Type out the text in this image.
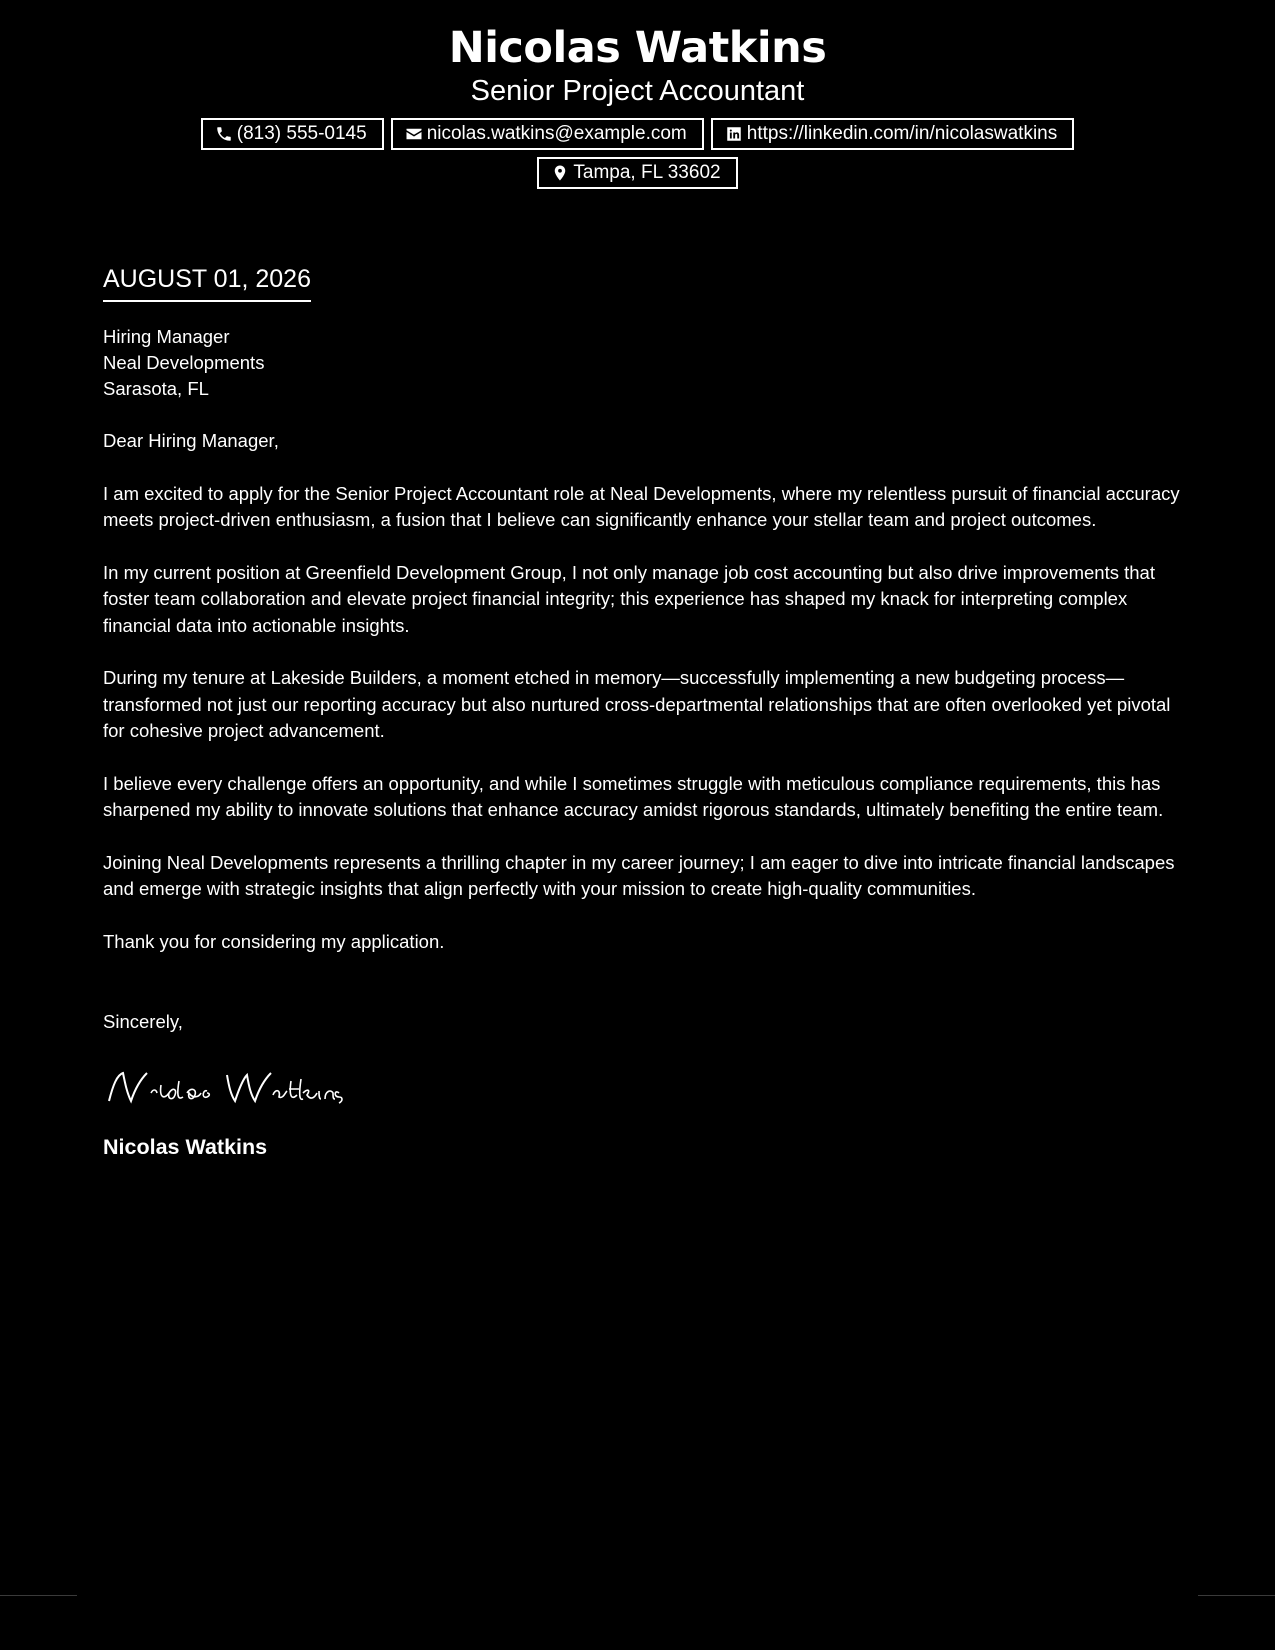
Nicolas Watkins
Senior Project Accountant
(813) 555-0145	nicolas.watkins@example.com	https://linkedin.com/in/nicolaswatkins
Tampa, FL 33602
AUGUST 01, 2026
Hiring Manager
Neal Developments
Sarasota, FL

Dear Hiring Manager,

I am excited to apply for the Senior Project Accountant role at Neal Developments, where my relentless pursuit of financial accuracy meets project-driven enthusiasm, a fusion that I believe can significantly enhance your stellar team and project outcomes.

In my current position at Greenfield Development Group, I not only manage job cost accounting but also drive improvements that foster team collaboration and elevate project financial integrity; this experience has shaped my knack for interpreting complex financial data into actionable insights.

During my tenure at Lakeside Builders, a moment etched in memory—successfully implementing a new budgeting process—transformed not just our reporting accuracy but also nurtured cross-departmental relationships that are often overlooked yet pivotal for cohesive project advancement.

I believe every challenge offers an opportunity, and while I sometimes struggle with meticulous compliance requirements, this has sharpened my ability to innovate solutions that enhance accuracy amidst rigorous standards, ultimately benefiting the entire team.

Joining Neal Developments represents a thrilling chapter in my career journey; I am eager to dive into intricate financial landscapes and emerge with strategic insights that align perfectly with your mission to create high-quality communities.

Thank you for considering my application.

Sincerely,
Nicolas Watkins
